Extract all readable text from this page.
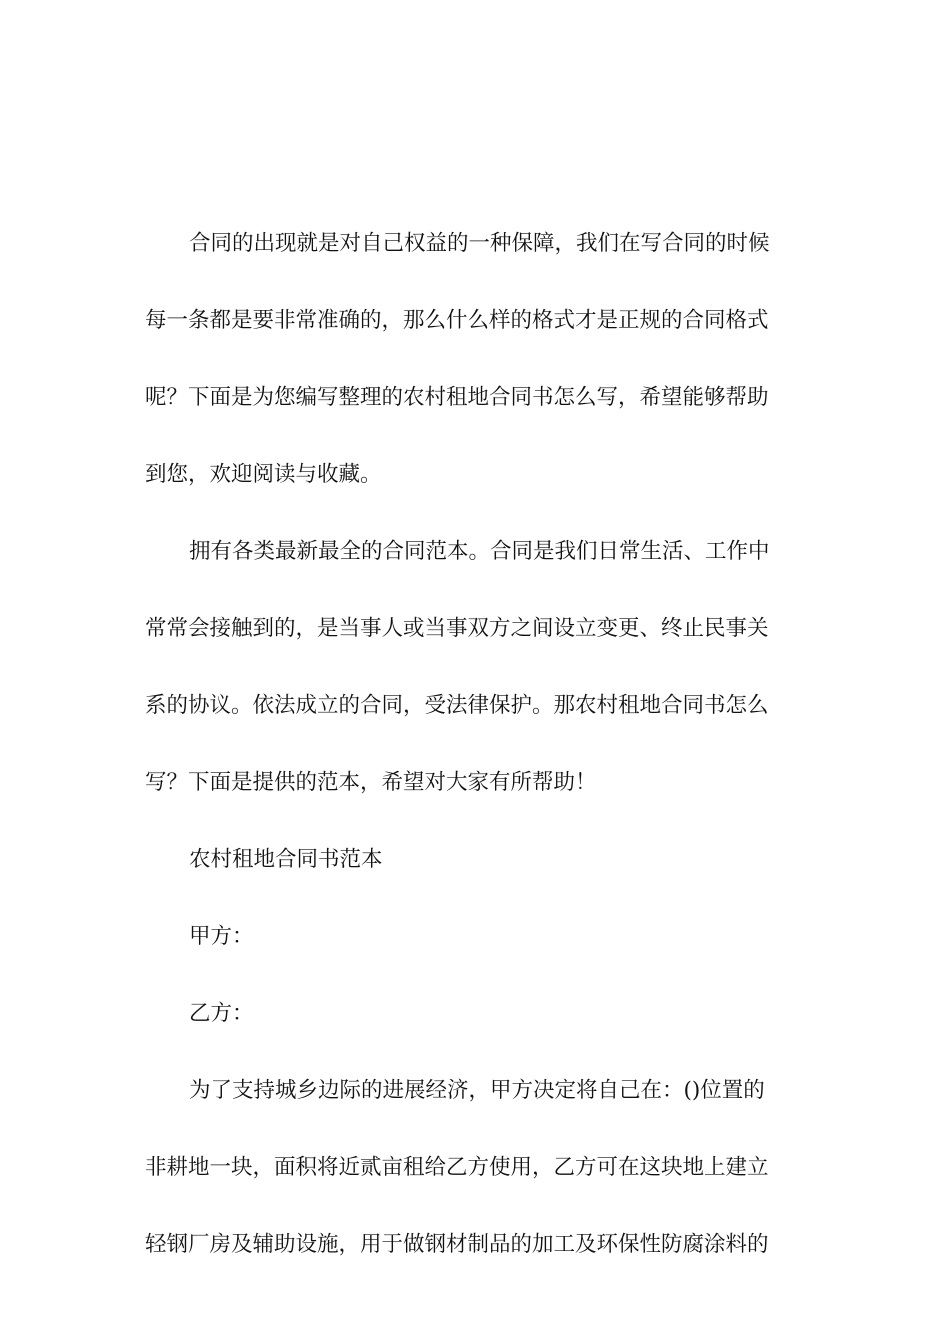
合同的出现就是对自己权益的一种保障，我们在写合同的时候
每一条都是要非常准确的，那么什么样的格式才是正规的合同格式
呢？下面是为您编写整理的农村租地合同书怎么写，希望能够帮助
到您，欢迎阅读与收藏。
拥有各类最新最全的合同范本。合同是我们日常生活、工作中
常常会接触到的，是当事人或当事双方之间设立变更、终止民事关
系的协议。依法成立的合同，受法律保护。那农村租地合同书怎么
写？下面是提供的范本，希望对大家有所帮助！
农村租地合同书范本
甲方：
乙方：
为了支持城乡边际的进展经济，甲方决定将自己在：()位置的
非耕地一块，面积将近贰亩租给乙方使用，乙方可在这块地上建立
轻钢厂房及辅助设施，用于做钢材制品的加工及环保性防腐涂料的
